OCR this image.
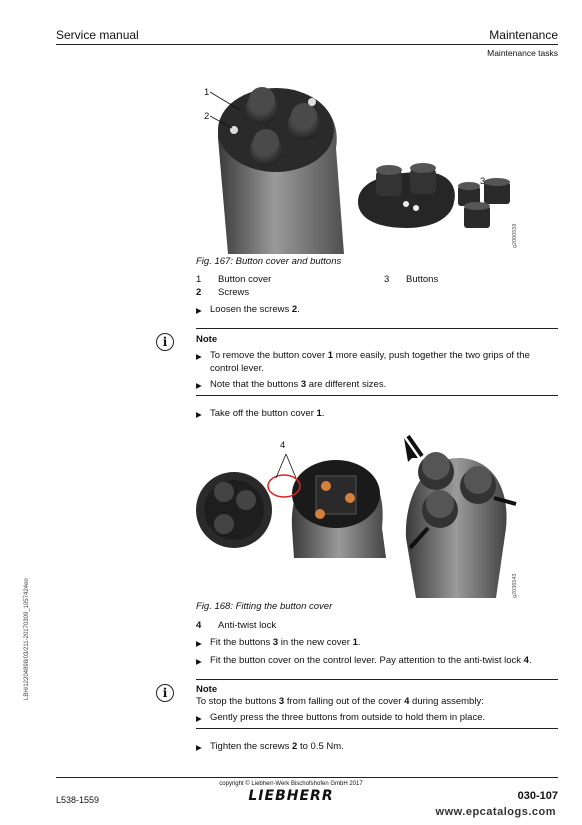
Service manual	Maintenance
Maintenance tasks
LBH/12204898/03/211-20170309_1057424en
1
2
3
g2000559
Fig. 167: Button cover and buttons
1 Button cover	3 Buttons
2 Screws
▶ Loosen the screws 2.
i	Note
▶ To remove the button cover 1 more easily, push together the two grips of the control lever.
▶ Note that the buttons 3 are different sizes.
▶ Take off the button cover 1.
4
g2036543
Fig. 168: Fitting the button cover
4 Anti-twist lock
▶ Fit the buttons 3 in the new cover 1.
▶ Fit the button cover on the control lever. Pay attention to the anti-twist lock 4.
i	Note
To stop the buttons 3 from falling out of the cover 4 during assembly:
▶ Gently press the three buttons from outside to hold them in place.
▶ Tighten the screws 2 to 0.5 Nm.
copyright © Liebherr-Werk Bischofshofen GmbH 2017
L538-1559	LIEBHERR	030-107
www.epcatalogs.com
